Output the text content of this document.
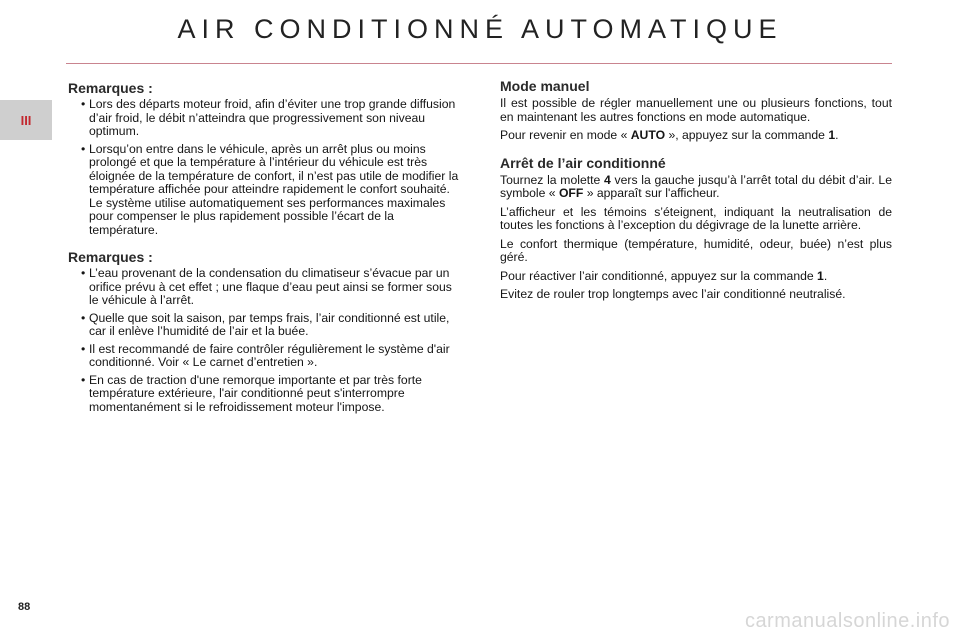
AIR CONDITIONNÉ AUTOMATIQUE
III
88
Remarques :
• Lors des départs moteur froid, afin d’éviter une trop grande diffusion d’air froid, le débit n’atteindra que progressivement son niveau optimum.
• Lorsqu’on entre dans le véhicule, après un arrêt plus ou moins prolongé et que la température à l’intérieur du véhicule est très éloignée de la température de confort, il n’est pas utile de modifier la température affichée pour atteindre rapidement le confort souhaité. Le système utilise automatiquement ses performances maximales pour compenser le plus rapidement possible l’écart de la température.
Remarques :
• L’eau provenant de la condensation du climatiseur s’évacue par un orifice prévu à cet effet ; une flaque d’eau peut ainsi se former sous le véhicule à l’arrêt.
• Quelle que soit la saison, par temps frais, l’air conditionné est utile, car il enlève l’humidité de l’air et la buée.
• Il est recommandé de faire contrôler régulièrement le système d'air conditionné. Voir « Le carnet d’entretien ».
• En cas de traction d'une remorque importante et par très forte température extérieure, l'air conditionné peut s'interrompre momentanément si le refroidissement moteur l'impose.
Mode manuel

Il est possible de régler manuellement une ou plusieurs fonctions, tout en maintenant les autres fonctions en mode automatique.

Pour revenir en mode « AUTO », appuyez sur la commande 1.

Arrêt de l’air conditionné

Tournez la molette 4 vers la gauche jusqu’à l’arrêt total du débit d’air. Le symbole « OFF » apparaît sur l'afficheur.

L’afficheur et les témoins s’éteignent, indiquant la neutralisation de toutes les fonctions à l’exception du dégivrage de la lunette arrière.

Le confort thermique (température, humidité, odeur, buée) n’est plus géré.

Pour réactiver l’air conditionné, appuyez sur la commande 1.

Evitez de rouler trop longtemps avec l’air conditionné neutralisé.

carmanualsonline.info
